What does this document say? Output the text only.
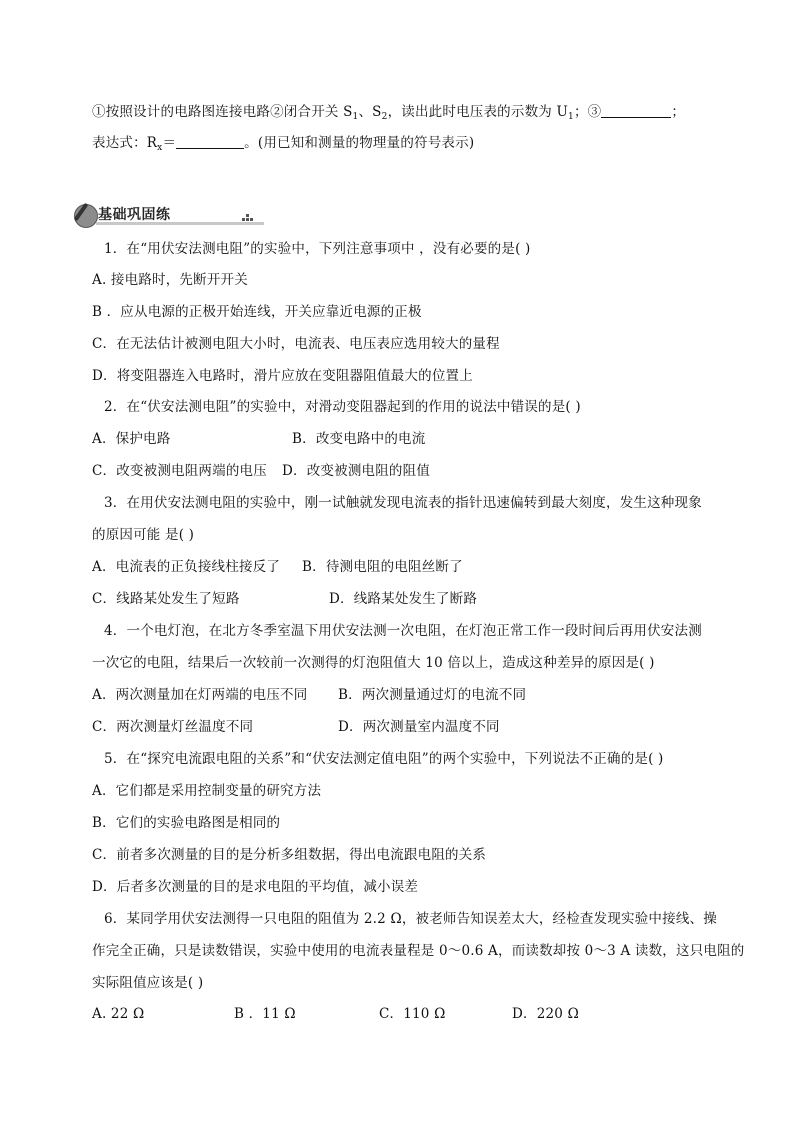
①按照设计的电路图连接电路②闭合开关 $S_1$、$S_2$，读出此时电压表的示数为 $U_1$；③	；
表达式：$R_x=$	。(用已知和测量的物理量的符号表示)
基础巩固练
1．在“用伏安法测电阻”的实验中，下列注意事项中 ，没有必要的是( )
A. 接电路时，先断开开关
B ．应从电源的正极开始连线，开关应靠近电源的正极
C．在无法估计被测电阻大小时，电流表、电压表应选用较大的量程
D．将变阻器连入电路时，滑片应放在变阻器阻值最大的位置上
2．在“伏安法测电阻”的实验中，对滑动变阻器起到的作用的说法中错误的是( )
A．保护电路	B．改变电路中的电流
C．改变被测电阻两端的电压 D．改变被测电阻的阻值
3．在用伏安法测电阻的实验中，刚一试触就发现电流表的指针迅速偏转到最大刻度，发生这种现象
的原因可能 是( )
A．电流表的正负接线柱接反了 B．待测电阻的电阻丝断了
C．线路某处发生了短路	D．线路某处发生了断路
4．一个电灯泡，在北方冬季室温下用伏安法测一次电阻，在灯泡正常工作一段时间后再用伏安法测
一次它的电阻，结果后一次较前一次测得的灯泡阻值大 10 倍以上，造成这种差异的原因是( )
A．两次测量加在灯两端的电压不同 B．两次测量通过灯的电流不同
C．两次测量灯丝温度不同	D．两次测量室内温度不同
5．在“探究电流跟电阻的关系”和“伏安法测定值电阻”的两个实验中，下列说法不正确的是( )
A．它们都是采用控制变量的研究方法
B．它们的实验电路图是相同的
C．前者多次测量的目的是分析多组数据，得出电流跟电阻的关系
D．后者多次测量的目的是求电阻的平均值，减小误差
6．某同学用伏安法测得一只电阻的阻值为 2.2 Ω，被老师告知误差太大，经检查发现实验中接线、操
作完全正确，只是读数错误，实验中使用的电流表量程是 0～0.6 A，而读数却按 0～3 A 读数，这只电阻的
实际阻值应该是( )
A. 22 Ω	B ．11 Ω	C．110 Ω	D．220 Ω
